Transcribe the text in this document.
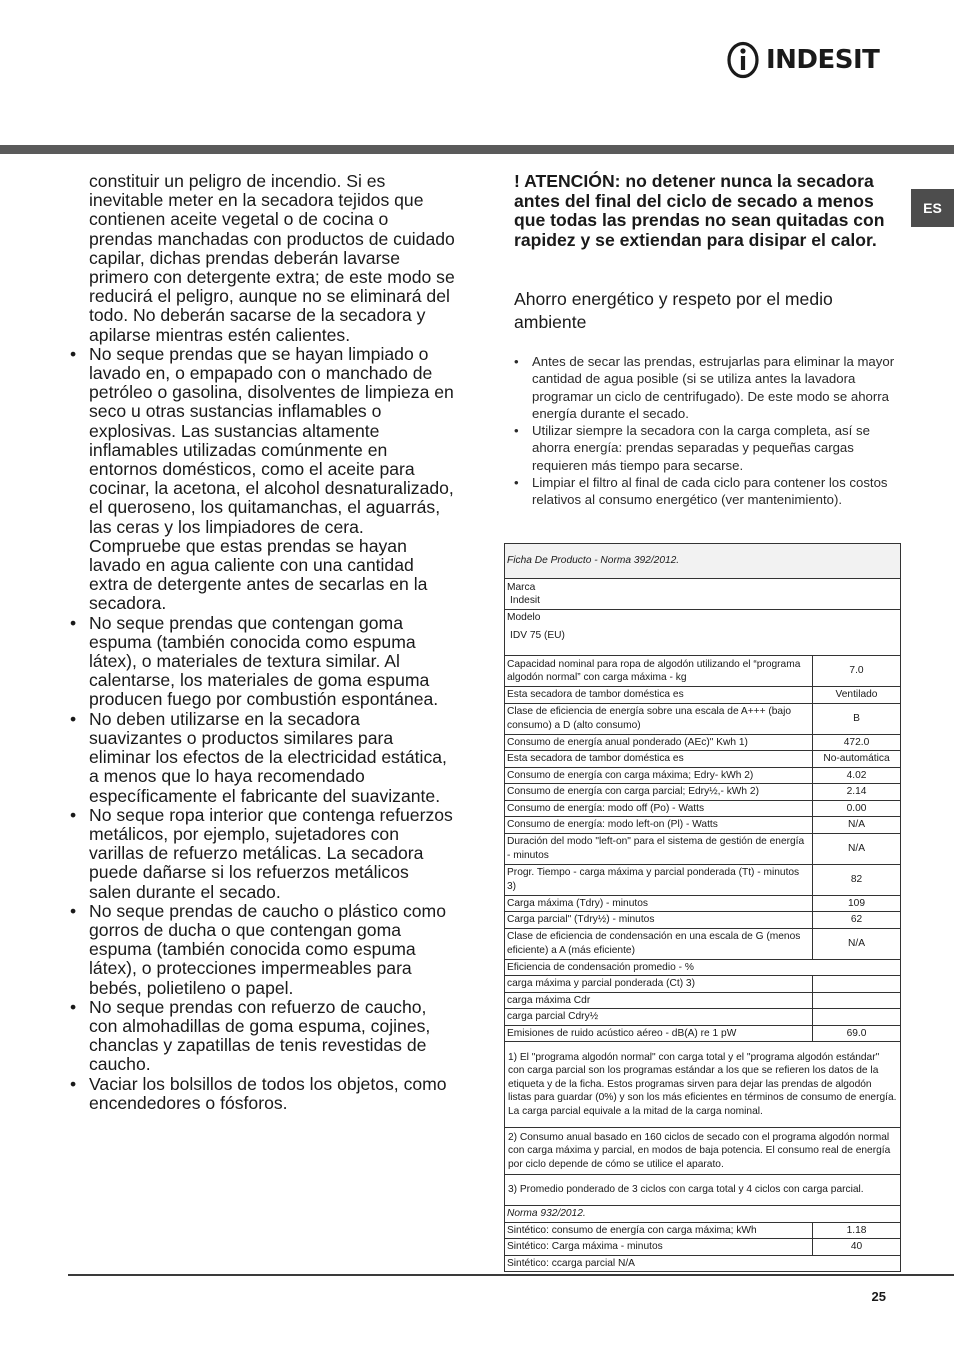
INDESIT
ES

constituir un peligro de incendio. Si es inevitable meter en la secadora tejidos que contienen aceite vegetal o de cocina o prendas manchadas con productos de cuidado capilar, dichas prendas deberán lavarse primero con detergente extra; de este modo se reducirá el peligro, aunque no se eliminará del todo. No deberán sacarse de la secadora y apilarse mientras estén calientes.

• No seque prendas que se hayan limpiado o lavado en, o empapado con o manchado de petróleo o gasolina, disolventes de limpieza en seco u otras sustancias inflamables o explosivas. Las sustancias altamente inflamables utilizadas comúnmente en entornos domésticos, como el aceite para cocinar, la acetona, el alcohol desnaturalizado, el queroseno, los quitamanchas, el aguarrás, las ceras y los limpiadores de cera. Compruebe que estas prendas se hayan lavado en agua caliente con una cantidad extra de detergente antes de secarlas en la secadora.
• No seque prendas que contengan goma espuma (también conocida como espuma látex), o materiales de textura similar. Al calentarse, los materiales de goma espuma producen fuego por combustión espontánea.
• No deben utilizarse en la secadora suavizantes o productos similares para eliminar los efectos de la electricidad estática, a menos que lo haya recomendado específicamente el fabricante del suavizante.
• No seque ropa interior que contenga refuerzos metálicos, por ejemplo, sujetadores con varillas de refuerzo metálicas. La secadora puede dañarse si los refuerzos metálicos salen durante el secado.
• No seque prendas de caucho o plástico como gorros de ducha o que contengan goma espuma (también conocida como espuma látex), o protecciones impermeables para bebés, polietileno o papel.
• No seque prendas con refuerzo de caucho, con almohadillas de goma espuma, cojines, chanclas y zapatillas de tenis revestidas de caucho.
• Vaciar los bolsillos de todos los objetos, como encendedores o fósforos.

! ATENCIÓN: no detener nunca la secadora antes del final del ciclo de secado a menos que todas las prendas no sean quitadas con rapidez y se extiendan para disipar el calor.

Ahorro energético y respeto por el medio ambiente
• Antes de secar las prendas, estrujarlas para eliminar la mayor cantidad de agua posible (si se utiliza antes la lavadora programar un ciclo de centrifugado). De este modo se ahorra energía durante el secado.
• Utilizar siempre la secadora con la carga completa, así se ahorra energía: prendas separadas y pequeñas cargas requieren más tiempo para secarse.
• Limpiar el filtro al final de cada ciclo para contener los costos relativos al consumo energético (ver mantenimiento).
Ficha De Producto - Norma 392/2012.	

Marca
Indesit	

Modelo
IDV 75 (EU)	

Capacidad nominal para ropa de algodón utilizando el “programa algodón normal” con carga máxima - kg	7.0
Esta secadora de tambor doméstica es	Ventilado
Clase de eficiencia de energía sobre una escala de A+++ (bajo consumo) a D (alto consumo)	B
Consumo de energía anual ponderado (AEc)" Kwh 1)	472.0
Esta secadora de tambor doméstica es	No-automática
Consumo de energía con carga máxima; Edry- kWh 2)	4.02
Consumo de energía con carga parcial; Edry½,- kWh 2)	2.14
Consumo de energía: modo off (Po) - Watts	0.00
Consumo de energía: modo left-on (Pl) - Watts	N/A
Duración del modo "left-on" para el sistema de gestión de energía - minutos	N/A
Progr. Tiempo - carga máxima y parcial ponderada (Tt) - minutos 3)	82
Carga máxima (Tdry) - minutos	109
Carga parcial" (Tdry½) - minutos	62
Clase de eficiencia de condensación en una escala de G (menos eficiente) a A (más eficiente)	N/A
Eficiencia de condensación promedio - %	
carga máxima y parcial ponderada (Ct) 3)	
carga máxima Cdr	
carga parcial Cdry½	
Emisiones de ruido acústico aéreo - dB(A) re 1 pW	69.0
1) El "programa algodón normal" con carga total y el "programa algodón estándar" con carga parcial son los programas estándar a los que se refieren los datos de la etiqueta y de la ficha. Estos programas sirven para dejar las prendas de algodón listas para guardar (0%) y son los más eficientes en términos de consumo de energía. La carga parcial equivale a la mitad de la carga nominal.	
2) Consumo anual basado en 160 ciclos de secado con el programa algodón normal con carga máxima y parcial, en modos de baja potencia. El consumo real de energía por ciclo depende de cómo se utilice el aparato.	
3) Promedio ponderado de 3 ciclos con carga total y 4 ciclos con carga parcial.	
Norma 932/2012.	
Sintético: consumo de energía con carga máxima; kWh	1.18
Sintético: Carga máxima - minutos	40
Sintético: ccarga parcial N/A	
25
